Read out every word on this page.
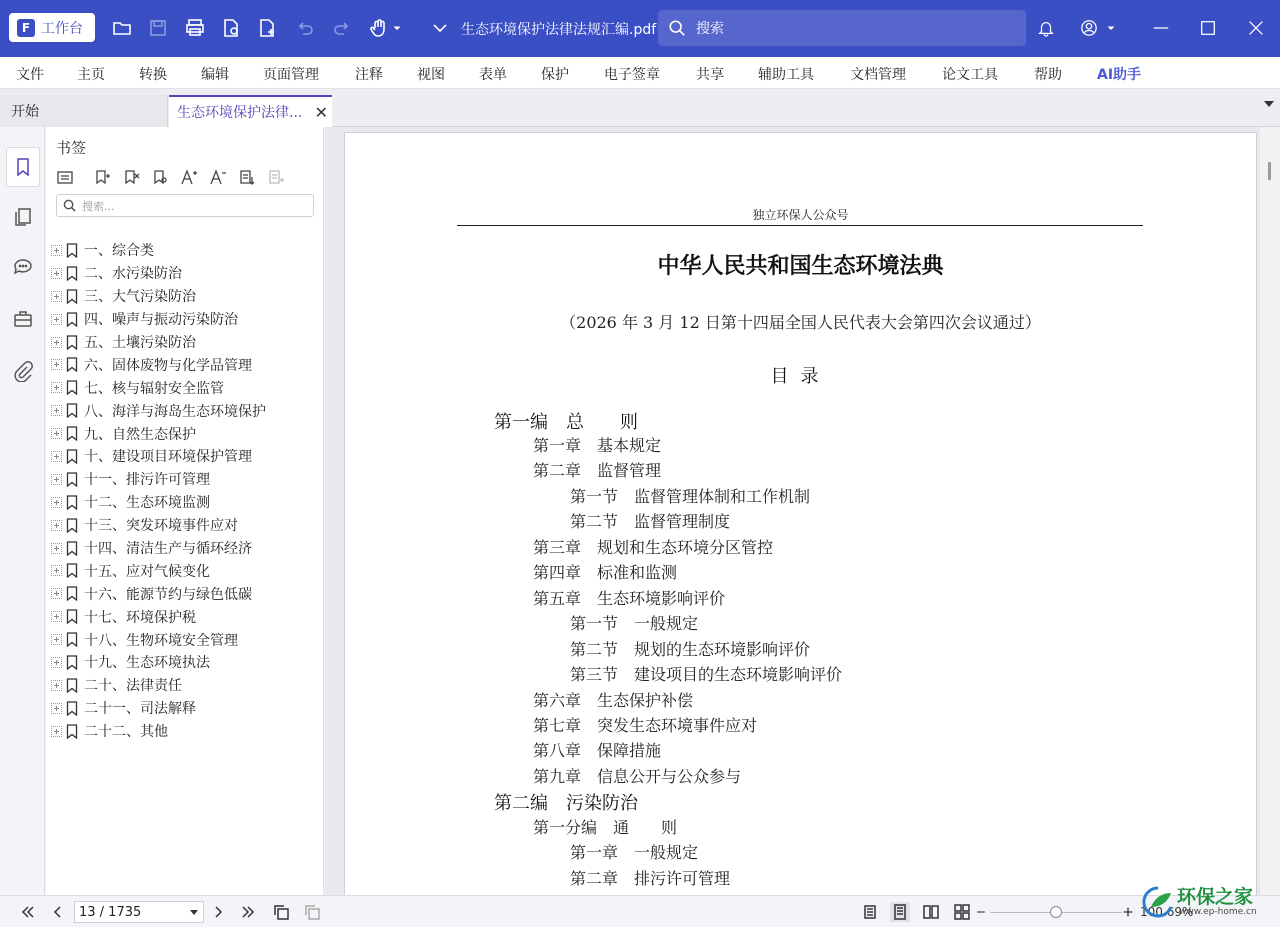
F 工作台	生态环境保护法律法规汇编.pdf	搜索
文件 主页 转换 编辑 页面管理	注释 视图 表单 保护	电子签章	共享 辅助工具	文档管理	论文工具	帮助	AI助手
开始	生态环境保护法律... ✕
书签
搜索...
一、综合类
二、水污染防治
三、大气污染防治
四、噪声与振动污染防治
五、土壤污染防治
六、固体废物与化学品管理
七、核与辐射安全监管
八、海洋与海岛生态环境保护
九、自然生态保护
十、建设项目环境保护管理
十一、排污许可管理
十二、生态环境监测
十三、突发环境事件应对
十四、清洁生产与循环经济
十五、应对气候变化
十六、能源节约与绿色低碳
十七、环境保护税
十八、生物环境安全管理
十九、生态环境执法
二十、法律责任
二十一、司法解释
二十二、其他
独立环保人公众号
中华人民共和国生态环境法典
（2026 年 3 月 12 日第十四届全国人民代表大会第四次会议通过）
目录
第一编　总　　则
第一章　基本规定
第二章　监督管理
第一节　监督管理体制和工作机制
第二节　监督管理制度
第三章　规划和生态环境分区管控
第四章　标准和监测
第五章　生态环境影响评价
第一节　一般规定
第二节　规划的生态环境影响评价
第三节　建设项目的生态环境影响评价
第六章　生态保护补偿
第七章　突发生态环境事件应对
第八章　保障措施
第九章　信息公开与公众参与
第二编　污染防治
第一分编　通　　则
第一章　一般规定
第二章　排污许可管理
13 / 1735	100.69%
环保之家
www.ep-home.cn
